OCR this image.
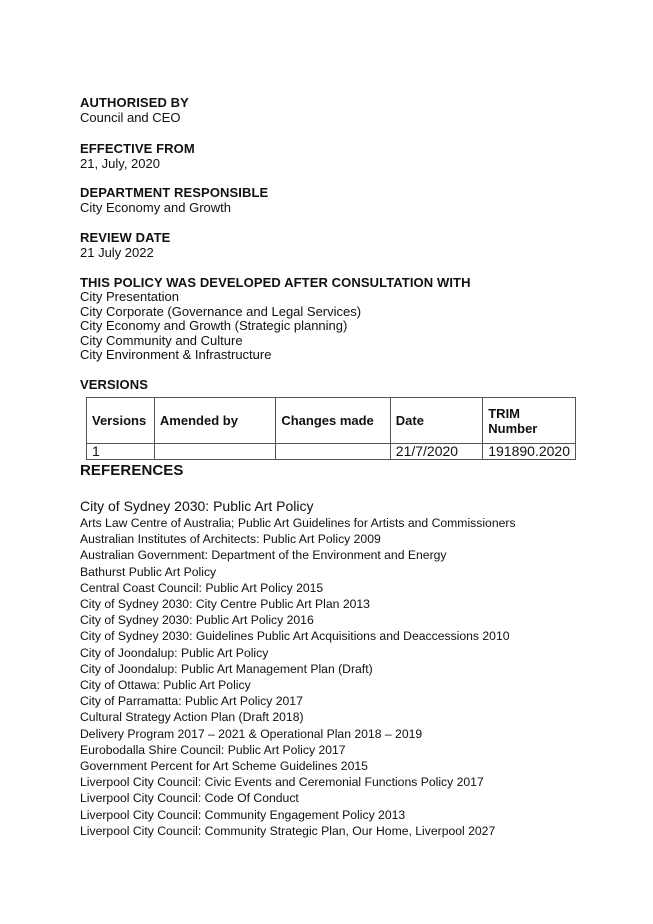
AUTHORISED BY
Council and CEO
EFFECTIVE FROM
21, July, 2020
DEPARTMENT RESPONSIBLE
City Economy and Growth
REVIEW DATE
21 July 2022
THIS POLICY WAS DEVELOPED AFTER CONSULTATION WITH
City Presentation
City Corporate (Governance and Legal Services)
City Economy and Growth (Strategic planning)
City Community and Culture
City Environment & Infrastructure
VERSIONS
Versions	Amended by	Changes made	Date	TRIM Number
1			21/7/2020	191890.2020
REFERENCES
City of Sydney 2030: Public Art Policy
Arts Law Centre of Australia; Public Art Guidelines for Artists and Commissioners
Australian Institutes of Architects: Public Art Policy 2009
Australian Government: Department of the Environment and Energy
Bathurst Public Art Policy
Central Coast Council: Public Art Policy 2015
City of Sydney 2030: City Centre Public Art Plan 2013
City of Sydney 2030: Public Art Policy 2016
City of Sydney 2030: Guidelines Public Art Acquisitions and Deaccessions 2010
City of Joondalup: Public Art Policy
City of Joondalup: Public Art Management Plan (Draft)
City of Ottawa: Public Art Policy
City of Parramatta: Public Art Policy 2017
Cultural Strategy Action Plan (Draft 2018)
Delivery Program 2017 – 2021 & Operational Plan 2018 – 2019
Eurobodalla Shire Council: Public Art Policy 2017
Government Percent for Art Scheme Guidelines 2015
Liverpool City Council: Civic Events and Ceremonial Functions Policy 2017
Liverpool City Council: Code Of Conduct
Liverpool City Council: Community Engagement Policy 2013
Liverpool City Council: Community Strategic Plan, Our Home, Liverpool 2027
